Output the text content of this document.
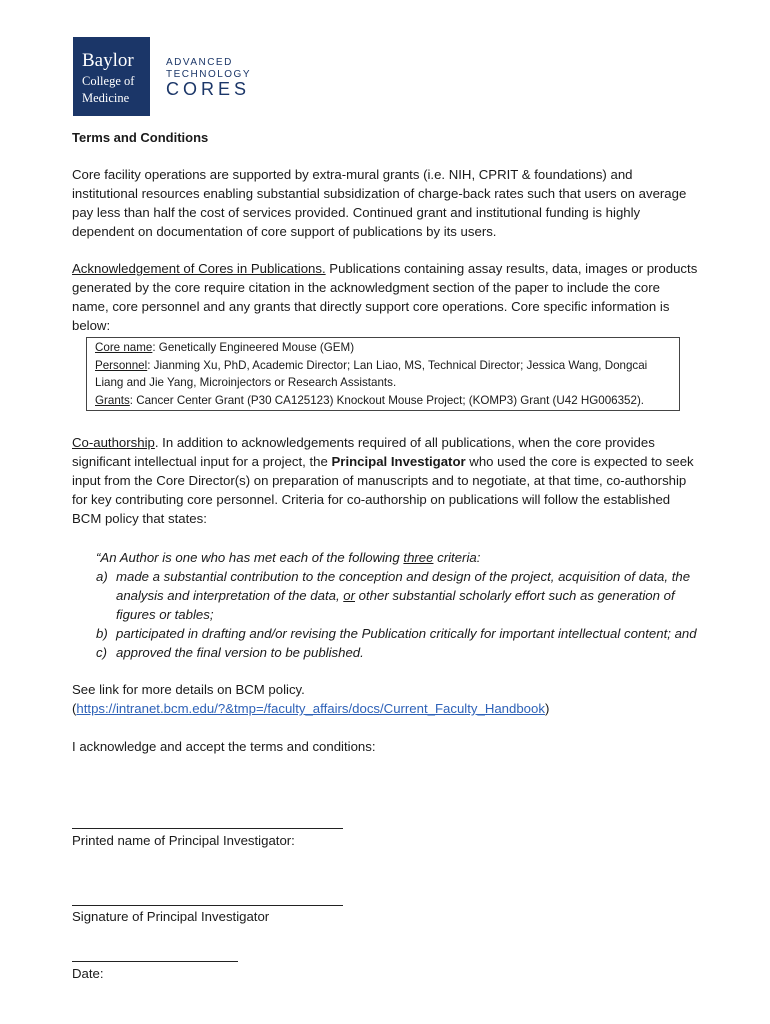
Baylor
College of
Medicine
ADVANCED
TECHNOLOGY
CORES
Terms and Conditions

Core facility operations are supported by extra-mural grants (i.e. NIH, CPRIT & foundations) and institutional resources enabling substantial subsidization of charge-back rates such that users on average pay less than half the cost of services provided. Continued grant and institutional funding is highly dependent on documentation of core support of publications by its users.

Acknowledgement of Cores in Publications. Publications containing assay results, data, images or products generated by the core require citation in the acknowledgment section of the paper to include the core name, core personnel and any grants that directly support core operations. Core specific information is below:

Core name: Genetically Engineered Mouse (GEM)
Personnel: Jianming Xu, PhD, Academic Director; Lan Liao, MS, Technical Director; Jessica Wang, Dongcai Liang and Jie Yang, Microinjectors or Research Assistants.
Grants: Cancer Center Grant (P30 CA125123) Knockout Mouse Project; (KOMP3) Grant (U42 HG006352).

Co-authorship. In addition to acknowledgements required of all publications, when the core provides significant intellectual input for a project, the Principal Investigator who used the core is expected to seek input from the Core Director(s) on preparation of manuscripts and to negotiate, at that time, co-authorship for key contributing core personnel. Criteria for co-authorship on publications will follow the established BCM policy that states:

“An Author is one who has met each of the following three criteria:
a) made a substantial contribution to the conception and design of the project, acquisition of data, the analysis and interpretation of the data, or other substantial scholarly effort such as generation of figures or tables;
b) participated in drafting and/or revising the Publication critically for important intellectual content; and
c) approved the final version to be published.
See link for more details on BCM policy.
(https://intranet.bcm.edu/?&tmp=/faculty_affairs/docs/Current_Faculty_Handbook)
I acknowledge and accept the terms and conditions:
Printed name of Principal Investigator:
Signature of Principal Investigator
Date:
